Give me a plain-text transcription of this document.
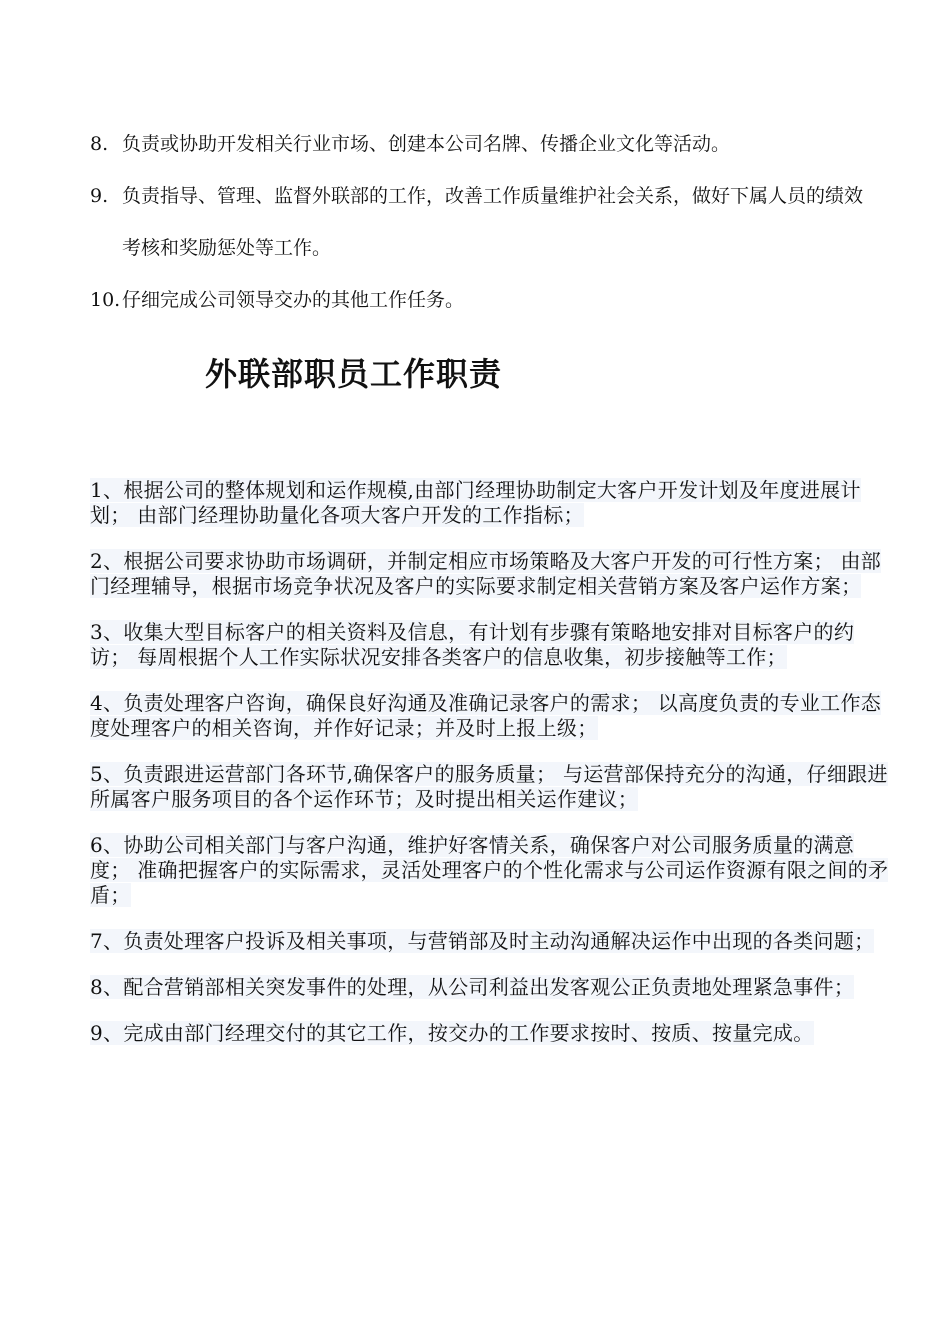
8. 负责或协助开发相关行业市场、创建本公司名牌、传播企业文化等活动。
9. 负责指导、管理、监督外联部的工作，改善工作质量维护社会关系，做好下属人员的绩效考核和奖励惩处等工作。
10. 仔细完成公司领导交办的其他工作任务。
外联部职员工作职责

1、根据公司的整体规划和运作规模,由部门经理协助制定大客户开发计划及年度进展计划； 由部门经理协助量化各项大客户开发的工作指标；

2、根据公司要求协助市场调研，并制定相应市场策略及大客户开发的可行性方案； 由部门经理辅导，根据市场竞争状况及客户的实际要求制定相关营销方案及客户运作方案；

3、收集大型目标客户的相关资料及信息，有计划有步骤有策略地安排对目标客户的约访； 每周根据个人工作实际状况安排各类客户的信息收集，初步接触等工作；

4、负责处理客户咨询，确保良好沟通及准确记录客户的需求； 以高度负责的专业工作态度处理客户的相关咨询，并作好记录；并及时上报上级；

5、负责跟进运营部门各环节,确保客户的服务质量； 与运营部保持充分的沟通，仔细跟进所属客户服务项目的各个运作环节；及时提出相关运作建议；

6、协助公司相关部门与客户沟通，维护好客情关系，确保客户对公司服务质量的满意度； 准确把握客户的实际需求，灵活处理客户的个性化需求与公司运作资源有限之间的矛盾；

7、负责处理客户投诉及相关事项，与营销部及时主动沟通解决运作中出现的各类问题；

8、配合营销部相关突发事件的处理，从公司利益出发客观公正负责地处理紧急事件；

9、完成由部门经理交付的其它工作，按交办的工作要求按时、按质、按量完成。
